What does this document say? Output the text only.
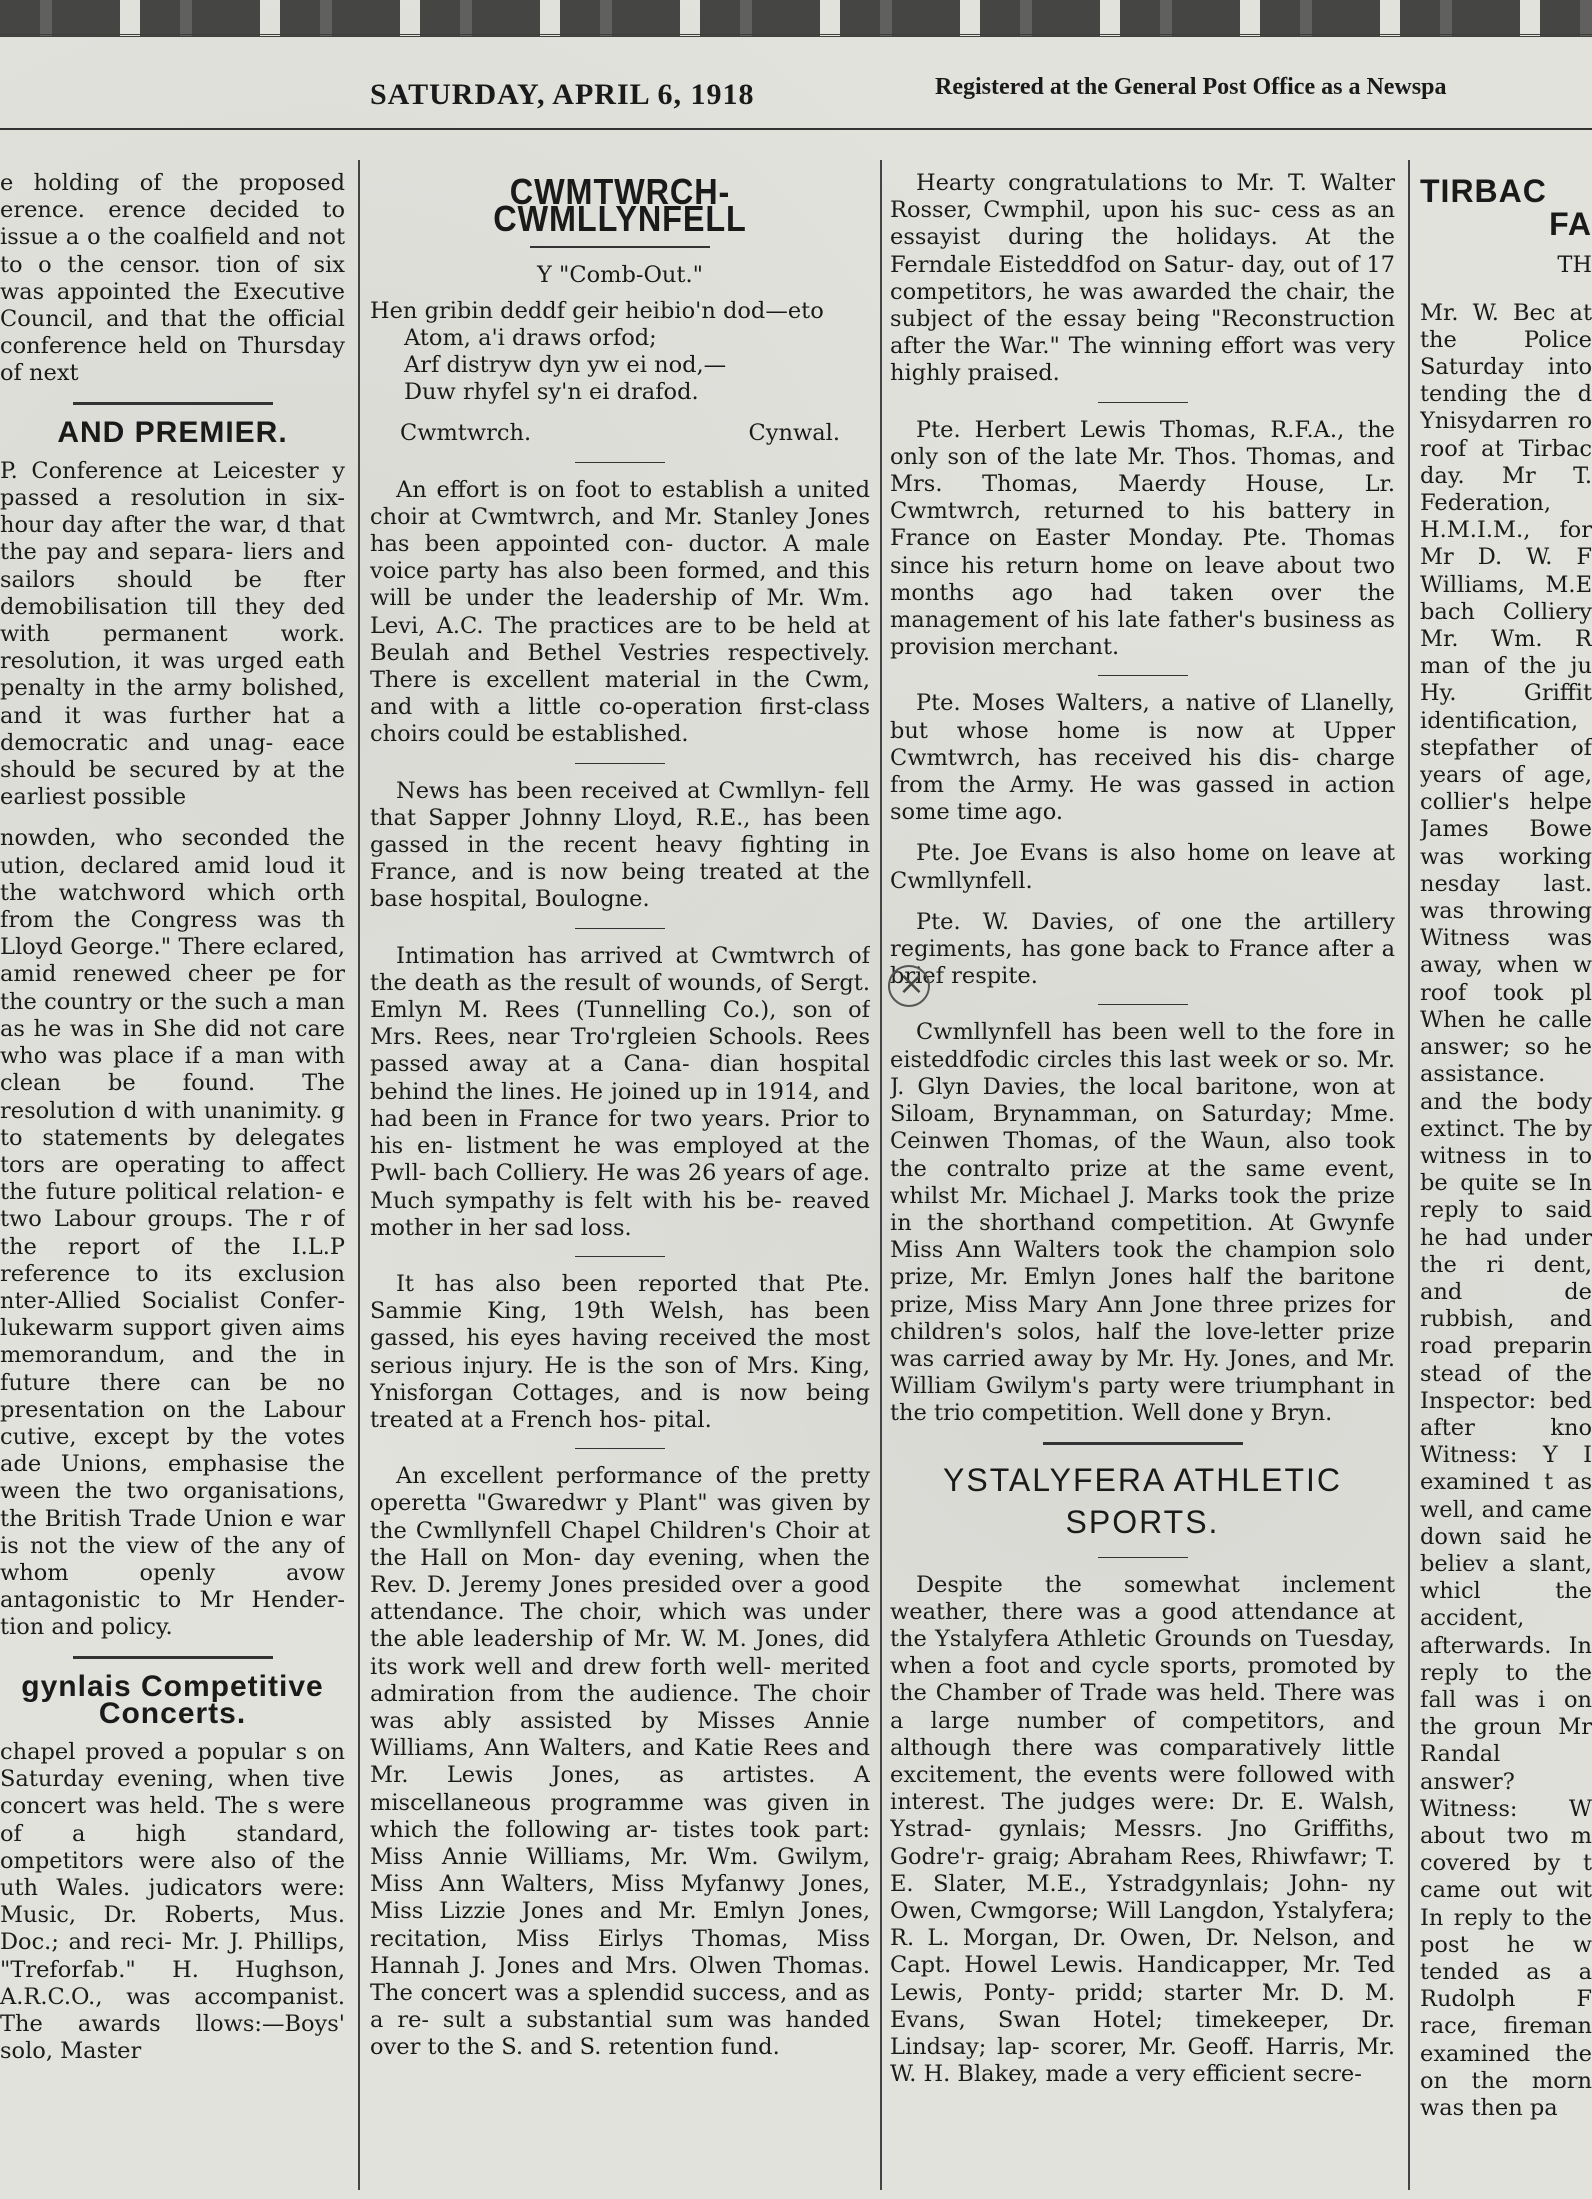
SATURDAY, APRIL 6, 1918	Registered at the General Post Office as a Newspa

e holding of the proposed erence. erence decided to issue a o the coalfield and not to o the censor. tion of six was appointed the Executive Council, and that the official conference held on Thursday of next

AND PREMIER.

P. Conference at Leicester y passed a resolution in six-hour day after the war, d that the pay and separa- liers and sailors should be fter demobilisation till they ded with permanent work. resolution, it was urged eath penalty in the army bolished, and it was further hat a democratic and unag- eace should be secured by at the earliest possible

nowden, who seconded the ution, declared amid loud it the watchword which orth from the Congress was th Lloyd George." There eclared, amid renewed cheer pe for the country or the such a man as he was in She did not care who was place if a man with clean be found. The resolution d with unanimity. g to statements by delegates tors are operating to affect the future political relation- e two Labour groups. The r of the report of the I.L.P reference to its exclusion nter-Allied Socialist Confer- lukewarm support given aims memorandum, and the in future there can be no presentation on the Labour cutive, except by the votes ade Unions, emphasise the ween the two organisations, the British Trade Union e war is not the view of the any of whom openly avow antagonistic to Mr Hender- tion and policy.

gynlais Competitive Concerts.

chapel proved a popular s on Saturday evening, when tive concert was held. The s were of a high standard, ompetitors were also of the uth Wales. judicators were: Music, Dr. Roberts, Mus. Doc.; and reci- Mr. J. Phillips, "Treforfab." H. Hughson, A.R.C.O., was accompanist. The awards llows:—Boys' solo, Master

CWMTWRCH-CWMLLYNFELL
Y "Comb-Out."
Hen gribin deddf geir heibio'n dod—eto
Atom, a'i draws orfod;
Arf distryw dyn yw ei nod,—
Duw rhyfel sy'n ei drafod.
Cwmtwrch.	Cynwal.

An effort is on foot to establish a united choir at Cwmtwrch, and Mr. Stanley Jones has been appointed con- ductor. A male voice party has also been formed, and this will be under the leadership of Mr. Wm. Levi, A.C. The practices are to be held at Beulah and Bethel Vestries respectively. There is excellent material in the Cwm, and with a little co-operation first-class choirs could be established.

News has been received at Cwmllyn- fell that Sapper Johnny Lloyd, R.E., has been gassed in the recent heavy fighting in France, and is now being treated at the base hospital, Boulogne.

Intimation has arrived at Cwmtwrch of the death as the result of wounds, of Sergt. Emlyn M. Rees (Tunnelling Co.), son of Mrs. Rees, near Tro'rgleien Schools. Rees passed away at a Cana- dian hospital behind the lines. He joined up in 1914, and had been in France for two years. Prior to his en- listment he was employed at the Pwll- bach Colliery. He was 26 years of age. Much sympathy is felt with his be- reaved mother in her sad loss.

It has also been reported that Pte. Sammie King, 19th Welsh, has been gassed, his eyes having received the most serious injury. He is the son of Mrs. King, Ynisforgan Cottages, and is now being treated at a French hos- pital.

An excellent performance of the pretty operetta "Gwaredwr y Plant" was given by the Cwmllynfell Chapel Children's Choir at the Hall on Mon- day evening, when the Rev. D. Jeremy Jones presided over a good attendance. The choir, which was under the able leadership of Mr. W. M. Jones, did its work well and drew forth well- merited admiration from the audience. The choir was ably assisted by Misses Annie Williams, Ann Walters, and Katie Rees and Mr. Lewis Jones, as artistes. A miscellaneous programme was given in which the following ar- tistes took part: Miss Annie Williams, Mr. Wm. Gwilym, Miss Ann Walters, Miss Myfanwy Jones, Miss Lizzie Jones and Mr. Emlyn Jones, recitation, Miss Eirlys Thomas, Miss Hannah J. Jones and Mrs. Olwen Thomas. The concert was a splendid success, and as a re- sult a substantial sum was handed over to the S. and S. retention fund.

Hearty congratulations to Mr. T. Walter Rosser, Cwmphil, upon his suc- cess as an essayist during the holidays. At the Ferndale Eisteddfod on Satur- day, out of 17 competitors, he was awarded the chair, the subject of the essay being "Reconstruction after the War." The winning effort was very highly praised.

Pte. Herbert Lewis Thomas, R.F.A., the only son of the late Mr. Thos. Thomas, and Mrs. Thomas, Maerdy House, Lr. Cwmtwrch, returned to his battery in France on Easter Monday. Pte. Thomas since his return home on leave about two months ago had taken over the management of his late father's business as provision merchant.

Pte. Moses Walters, a native of Llanelly, but whose home is now at Upper Cwmtwrch, has received his dis- charge from the Army. He was gassed in action some time ago.

Pte. Joe Evans is also home on leave at Cwmllynfell.

Pte. W. Davies, of one the artillery regiments, has gone back to France after a brief respite.

Cwmllynfell has been well to the fore in eisteddfodic circles this last week or so. Mr. J. Glyn Davies, the local baritone, won at Siloam, Brynamman, on Saturday; Mme. Ceinwen Thomas, of the Waun, also took the contralto prize at the same event, whilst Mr. Michael J. Marks took the prize in the shorthand competition. At Gwynfe Miss Ann Walters took the champion solo prize, Mr. Emlyn Jones half the baritone prize, Miss Mary Ann Jone three prizes for children's solos, half the love-letter prize was carried away by Mr. Hy. Jones, and Mr. William Gwilym's party were triumphant in the trio competition. Well done y Bryn.

YSTALYFERA ATHLETIC SPORTS.

Despite the somewhat inclement weather, there was a good attendance at the Ystalyfera Athletic Grounds on Tuesday, when a foot and cycle sports, promoted by the Chamber of Trade was held. There was a large number of competitors, and although there was comparatively little excitement, the events were followed with interest. The judges were: Dr. E. Walsh, Ystrad- gynlais; Messrs. Jno Griffiths, Godre'r- graig; Abraham Rees, Rhiwfawr; T. E. Slater, M.E., Ystradgynlais; John- ny Owen, Cwmgorse; Will Langdon, Ystalyfera; R. L. Morgan, Dr. Owen, Dr. Nelson, and Capt. Howel Lewis. Handicapper, Mr. Ted Lewis, Ponty- pridd; starter Mr. D. M. Evans, Swan Hotel; timekeeper, Dr. Lindsay; lap- scorer, Mr. Geoff. Harris, Mr. W. H. Blakey, made a very efficient secre-

×
TIRBAC
FA
TH

Mr. W. Bec at the Police Saturday into tending the d Ynisydarren ro roof at Tirbac day. Mr T. Federation, H.M.I.M., for Mr D. W. F Williams, M.E bach Colliery Mr. Wm. R man of the ju Hy. Griffit identification, stepfather of years of age, collier's helpe James Bowe was working nesday last. was throwing Witness was away, when w roof took pl When he calle answer; so he assistance. and the body extinct. The by witness in to be quite se In reply to said he had under the ri dent, and de rubbish, and road preparin stead of the Inspector: bed after kno Witness: Y I examined t as well, and came down said he believ a slant, whicl the accident, afterwards. In reply to the fall was i on the groun Mr Randal answer? Witness: W about two m covered by t came out wit In reply to the post he w tended as a Rudolph F race, fireman examined the on the morn was then pa
